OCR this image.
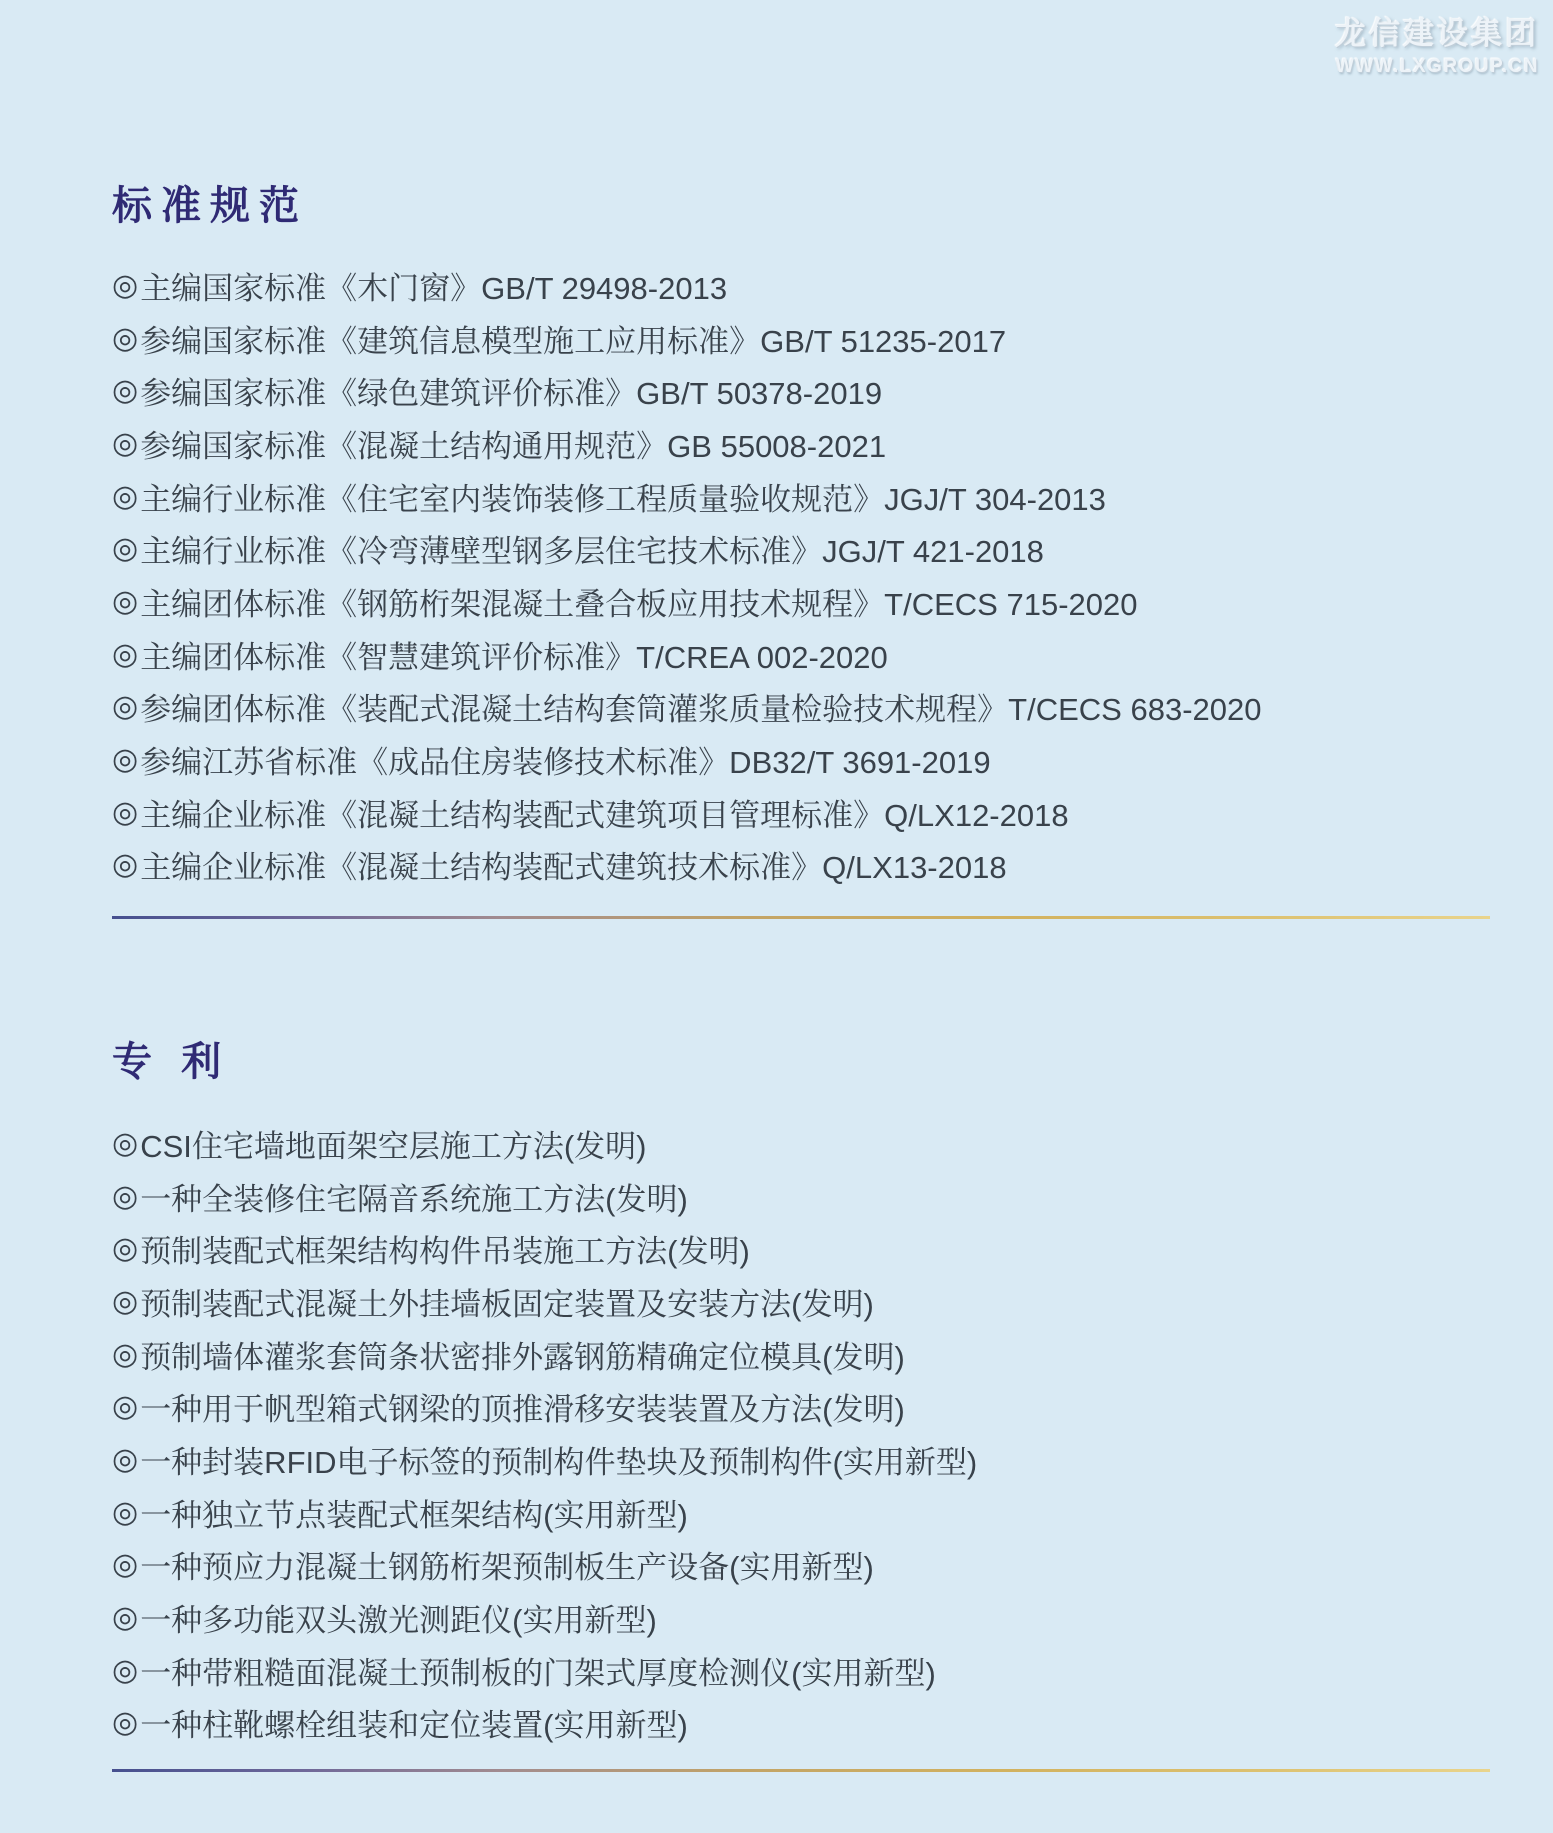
龙信建设集团
WWW.LXGROUP.CN
标准规范
◎ 主编国家标准《木门窗》GB/T 29498-2013
◎ 参编国家标准《建筑信息模型施工应用标准》GB/T 51235-2017
◎ 参编国家标准《绿色建筑评价标准》GB/T 50378-2019
◎ 参编国家标准《混凝土结构通用规范》GB 55008-2021
◎ 主编行业标准《住宅室内装饰装修工程质量验收规范》JGJ/T 304-2013
◎ 主编行业标准《冷弯薄壁型钢多层住宅技术标准》JGJ/T 421-2018
◎ 主编团体标准《钢筋桁架混凝土叠合板应用技术规程》T/CECS 715-2020
◎ 主编团体标准《智慧建筑评价标准》T/CREA 002-2020
◎ 参编团体标准《装配式混凝土结构套筒灌浆质量检验技术规程》T/CECS 683-2020
◎ 参编江苏省标准《成品住房装修技术标准》DB32/T 3691-2019
◎ 主编企业标准《混凝土结构装配式建筑项目管理标准》Q/LX12-2018
◎ 主编企业标准《混凝土结构装配式建筑技术标准》Q/LX13-2018
专 利
◎ CSI住宅墙地面架空层施工方法(发明)
◎ 一种全装修住宅隔音系统施工方法(发明)
◎ 预制装配式框架结构构件吊装施工方法(发明)
◎ 预制装配式混凝土外挂墙板固定装置及安装方法(发明)
◎ 预制墙体灌浆套筒条状密排外露钢筋精确定位模具(发明)
◎ 一种用于帆型箱式钢梁的顶推滑移安装装置及方法(发明)
◎ 一种封装RFID电子标签的预制构件垫块及预制构件(实用新型)
◎ 一种独立节点装配式框架结构(实用新型)
◎ 一种预应力混凝土钢筋桁架预制板生产设备(实用新型)
◎ 一种多功能双头激光测距仪(实用新型)
◎ 一种带粗糙面混凝土预制板的门架式厚度检测仪(实用新型)
◎ 一种柱靴螺栓组装和定位装置(实用新型)
